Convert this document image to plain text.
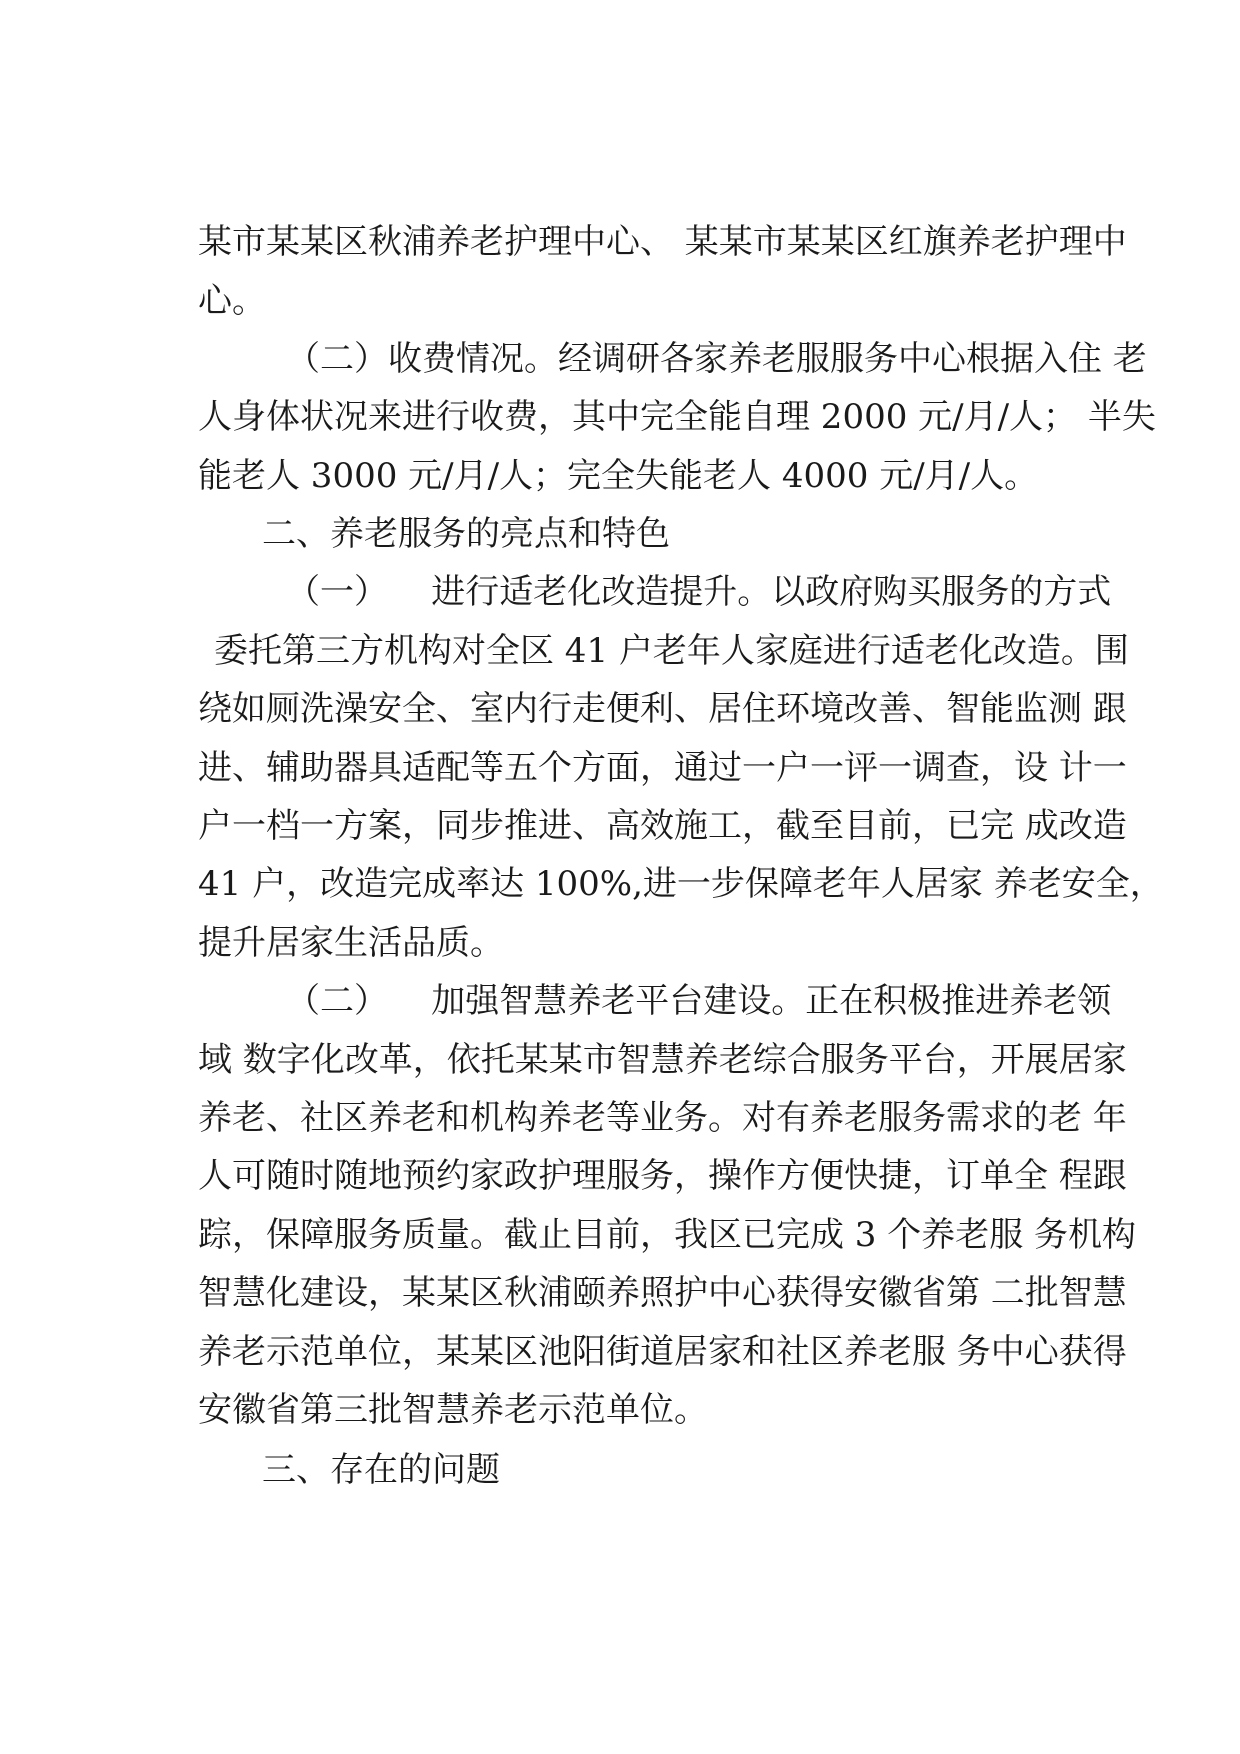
某市某某区秋浦养老护理中心、 某某市某某区红旗养老护理中

心。

（二）收费情况。经调研各家养老服服务中心根据入住 老

人身体状况来进行收费，其中完全能自理 2000 元/月/人； 半失

能老人 3000 元/月/人；完全失能老人 4000 元/月/人。

二、养老服务的亮点和特色

（一）    进行适老化改造提升。以政府购买服务的方式

委托第三方机构对全区 41 户老年人家庭进行适老化改造。围

绕如厕洗澡安全、室内行走便利、居住环境改善、智能监测 跟

进、辅助器具适配等五个方面，通过一户一评一调查，设 计一

户一档一方案，同步推进、高效施工，截至目前，已完 成改造

41 户，改造完成率达 100%,进一步保障老年人居家 养老安全，

提升居家生活品质。

（二）    加强智慧养老平台建设。正在积极推进养老领

域 数字化改革，依托某某市智慧养老综合服务平台，开展居家

养老、社区养老和机构养老等业务。对有养老服务需求的老 年

人可随时随地预约家政护理服务，操作方便快捷，订单全 程跟

踪，保障服务质量。截止目前，我区已完成 3 个养老服 务机构

智慧化建设，某某区秋浦颐养照护中心获得安徽省第 二批智慧

养老示范单位，某某区池阳街道居家和社区养老服 务中心获得

安徽省第三批智慧养老示范单位。

三、存在的问题
